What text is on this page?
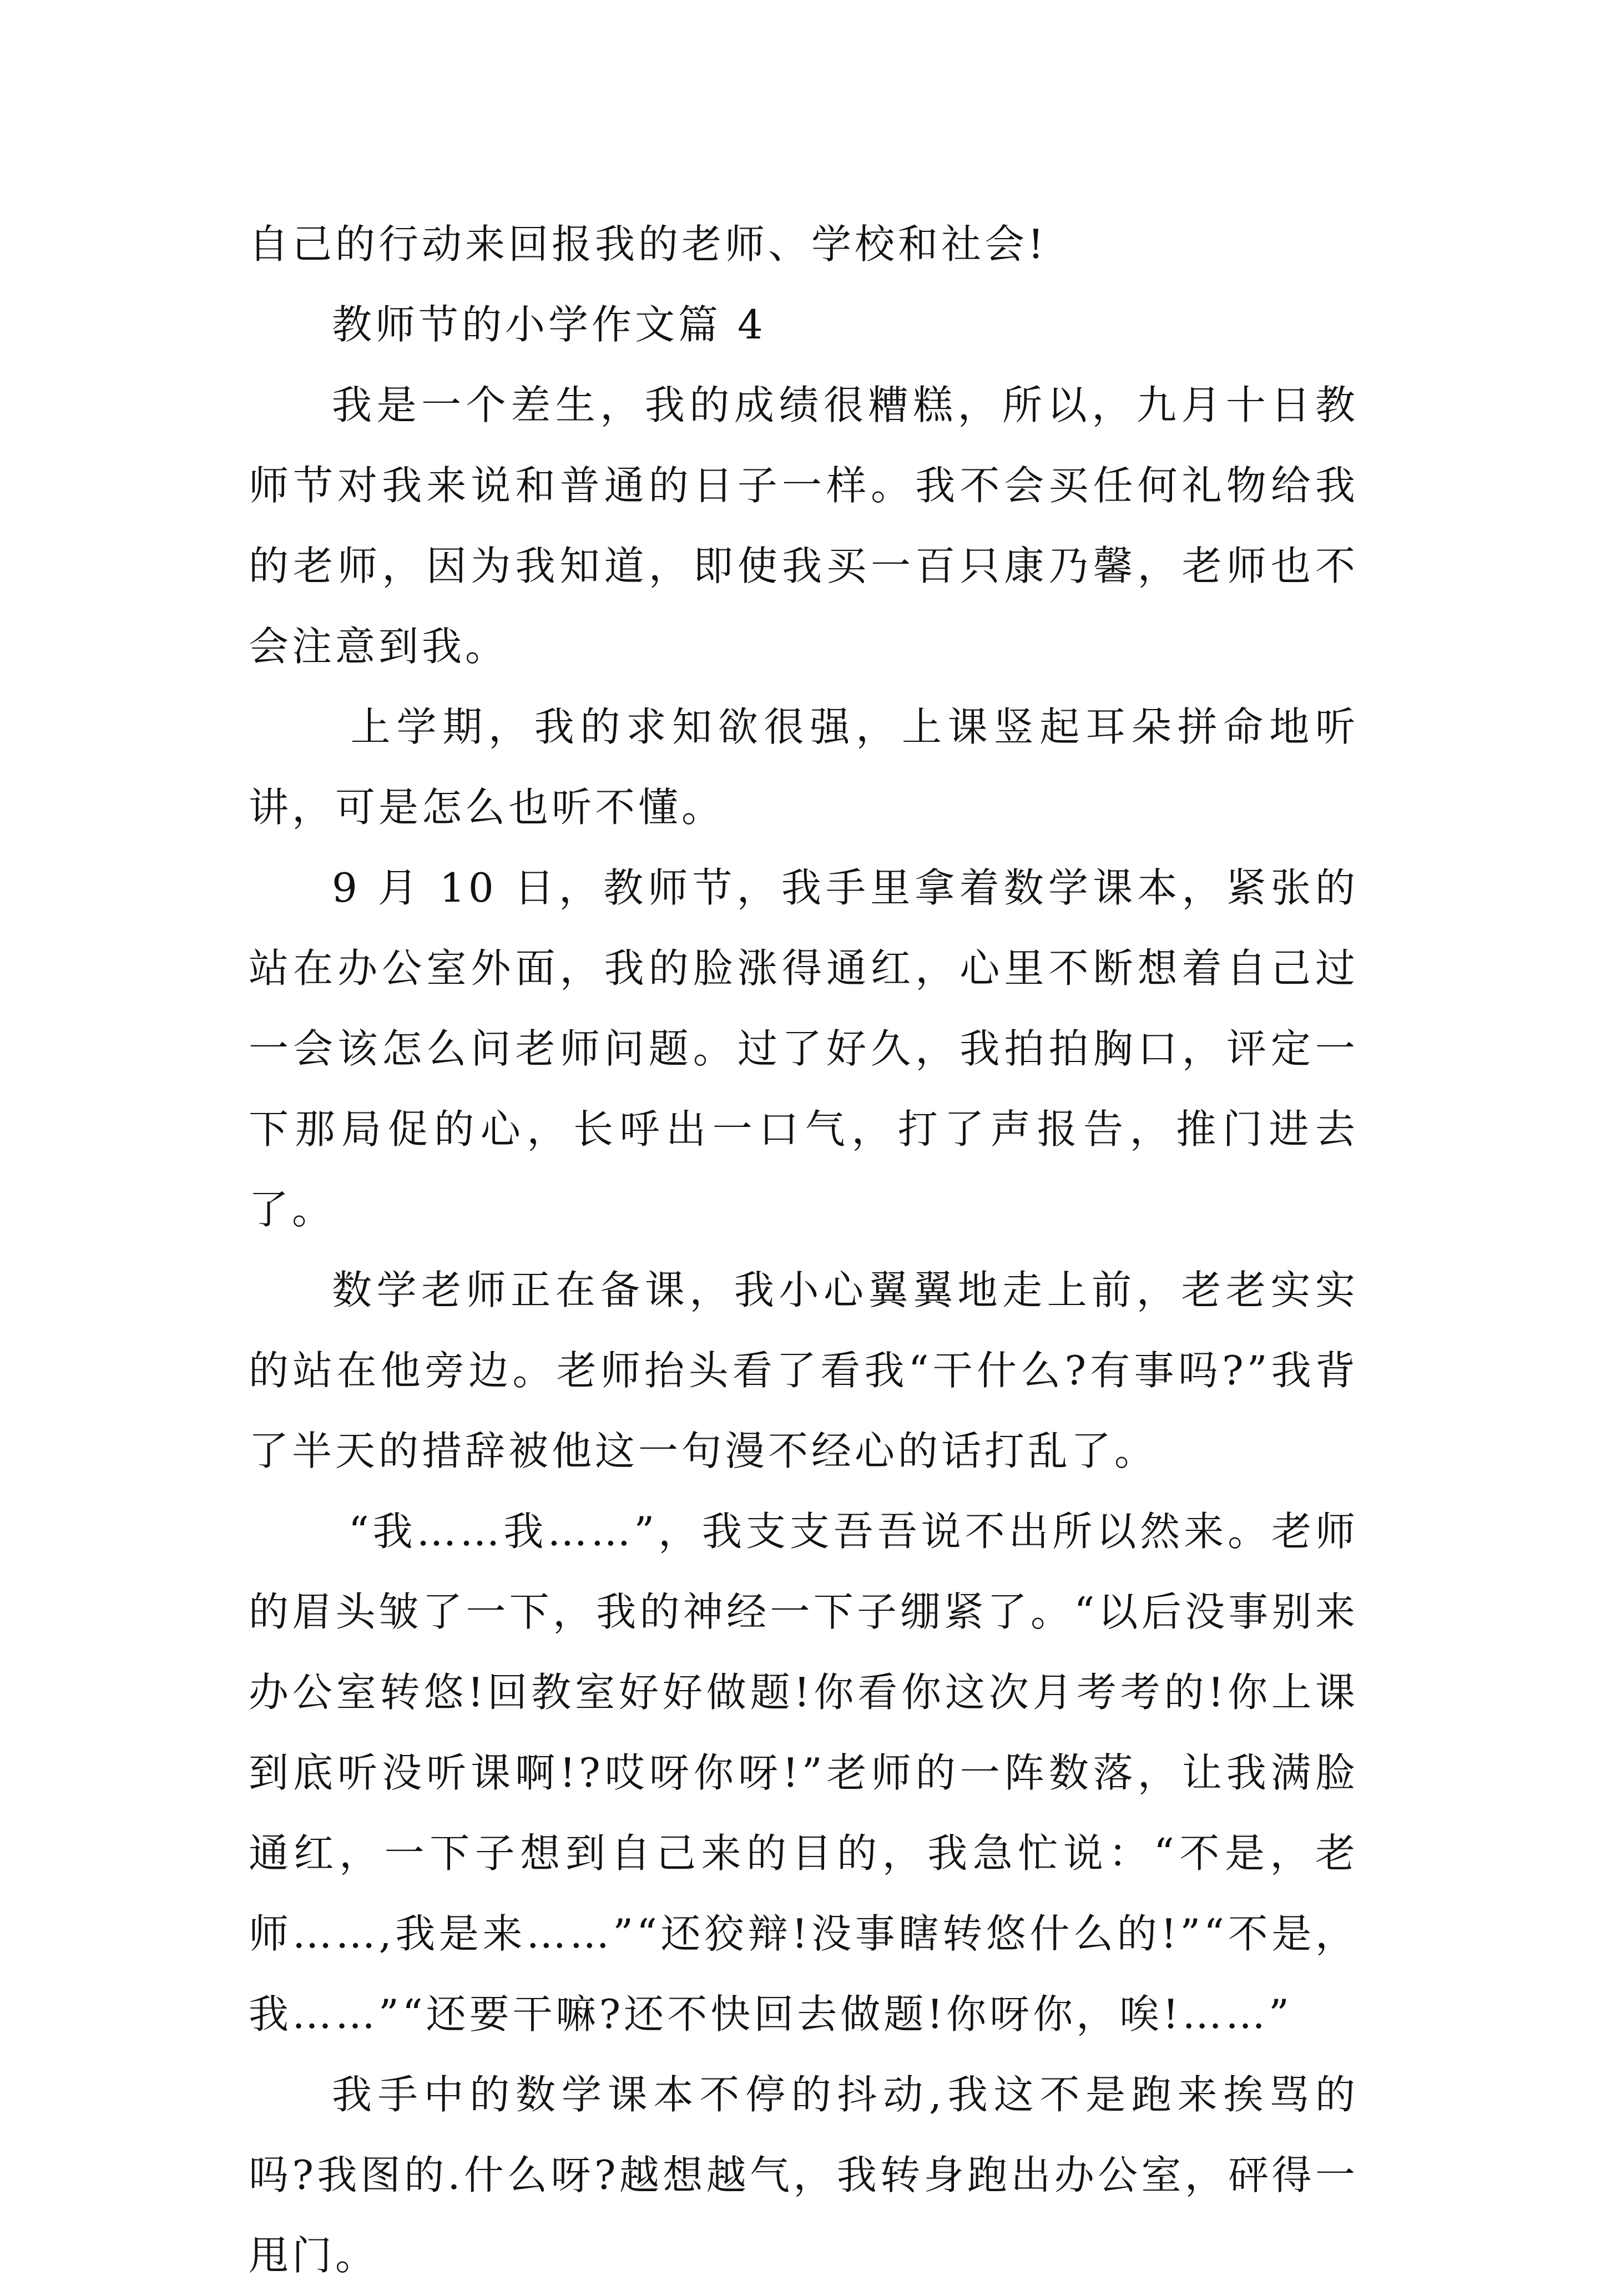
自己的行动来回报我的老师、学校和社会!

教师节的小学作文篇 4

我是一个差生，我的成绩很糟糕，所以，九月十日教师节对我来说和普通的日子一样。我不会买任何礼物给我的老师，因为我知道，即使我买一百只康乃馨，老师也不会注意到我。

上学期，我的求知欲很强，上课竖起耳朵拼命地听讲，可是怎么也听不懂。

9 月 10 日，教师节，我手里拿着数学课本，紧张的站在办公室外面，我的脸涨得通红，心里不断想着自己过一会该怎么问老师问题。过了好久，我拍拍胸口，评定一下那局促的心，长呼出一口气，打了声报告，推门进去了。

数学老师正在备课，我小心翼翼地走上前，老老实实的站在他旁边。老师抬头看了看我“干什么?有事吗?”我背了半天的措辞被他这一句漫不经心的话打乱了。

“我……我……”，我支支吾吾说不出所以然来。老师的眉头皱了一下，我的神经一下子绷紧了。“以后没事别来办公室转悠!回教室好好做题!你看你这次月考考的!你上课到底听没听课啊!?哎呀你呀!”老师的一阵数落，让我满脸通红，一下子想到自己来的目的，我急忙说：“不是，老师……,我是来……”“还狡辩!没事瞎转悠什么的!”“不是，我……”“还要干嘛?还不快回去做题!你呀你，唉!……”

我手中的数学课本不停的抖动,我这不是跑来挨骂的吗?我图的.什么呀?越想越气，我转身跑出办公室，砰得一甩门。
